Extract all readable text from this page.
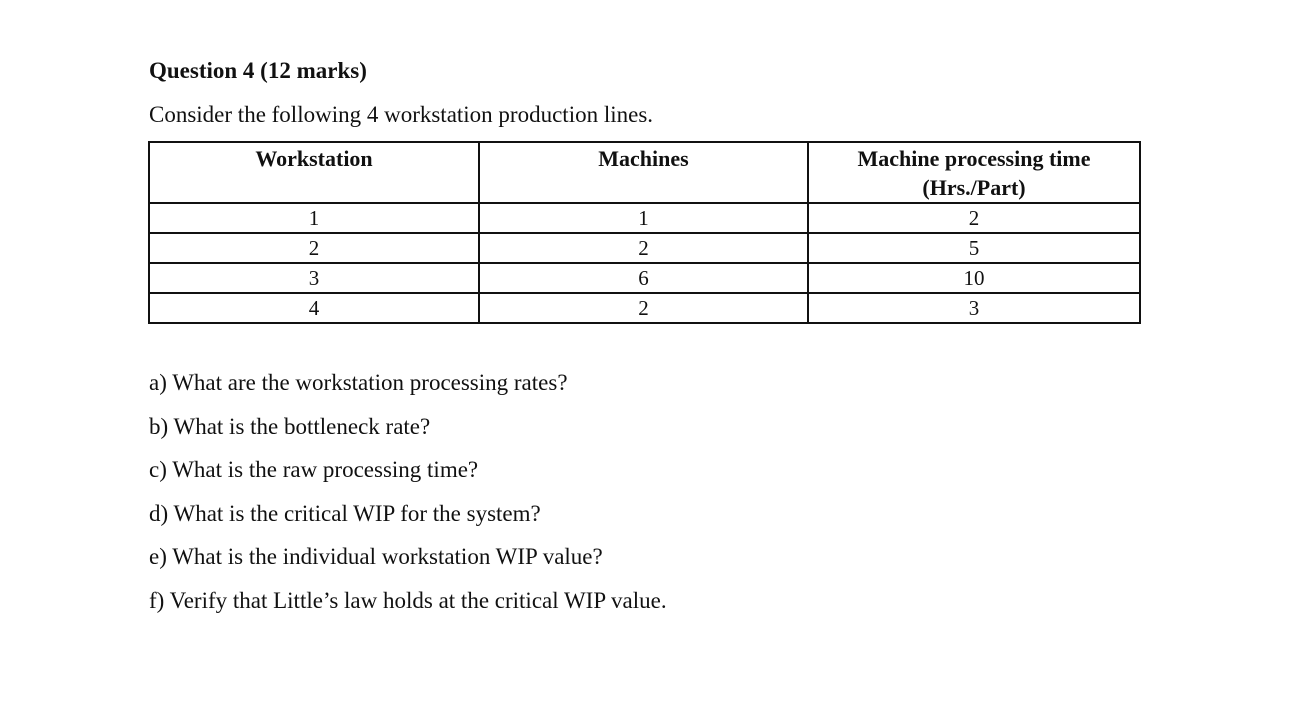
Question 4 (12 marks)

Consider the following 4 workstation production lines.

Workstation	Machines	Machine processing time
(Hrs./Part)
1	1	2
2	2	5
3	6	10
4	2	3
a) What are the workstation processing rates?
b) What is the bottleneck rate?
c) What is the raw processing time?
d) What is the critical WIP for the system?
e) What is the individual workstation WIP value?
f) Verify that Little’s law holds at the critical WIP value.
